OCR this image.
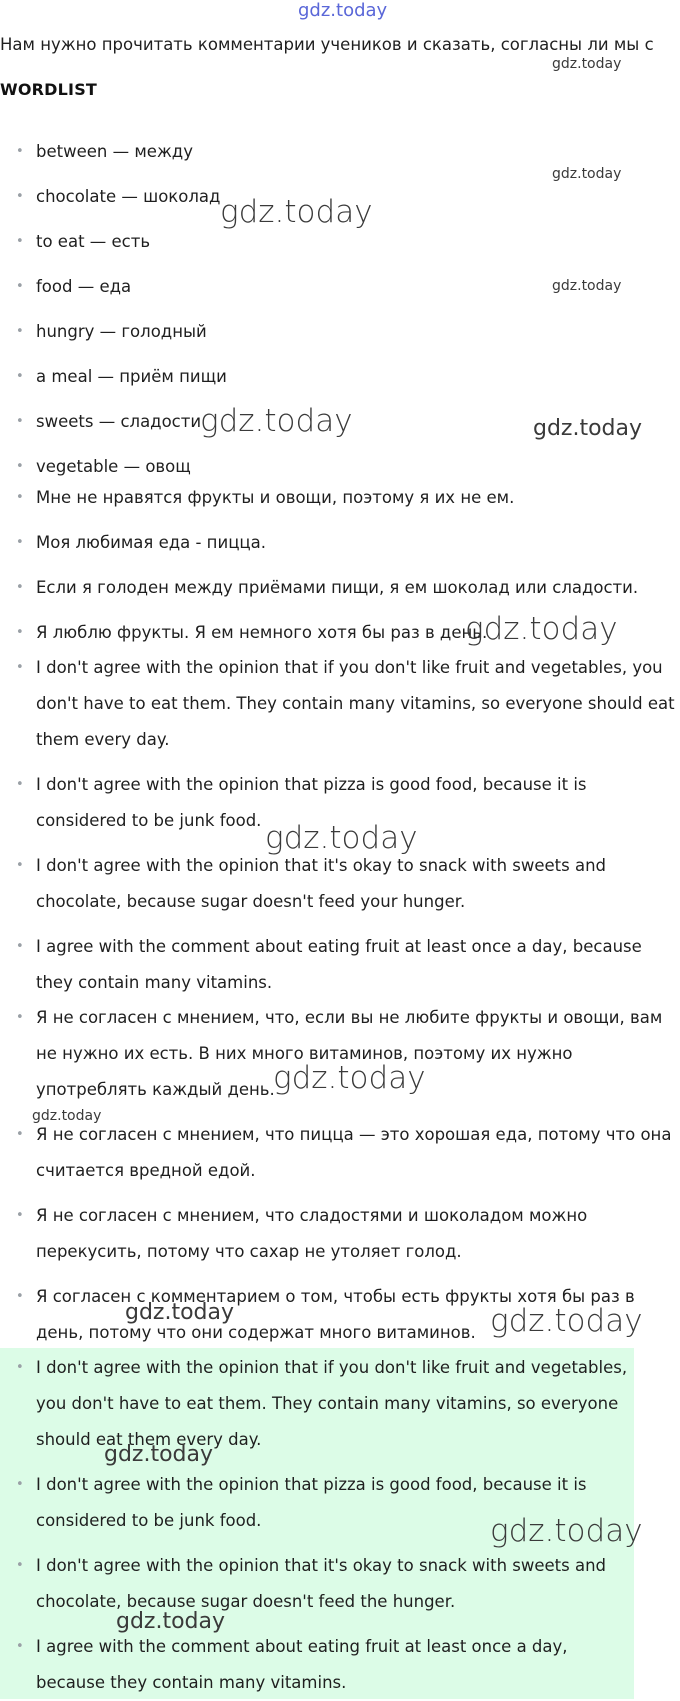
gdz.today
Нам нужно прочитать комментарии учеников и сказать, согласны ли мы с
WORDLIST
• between — между
• chocolate — шоколад
• to eat — есть
• food — еда
• hungry — голодный
• a meal — приём пищи
• sweets — сладости
• vegetable — овощ
• Мне не нравятся фрукты и овощи, поэтому я их не ем.
• Моя любимая еда - пицца.
• Если я голоден между приёмами пищи, я ем шоколад или сладости.
• Я люблю фрукты. Я ем немного хотя бы раз в день.
• I don't agree with the opinion that if you don't like fruit and vegetables, you don't have to eat them. They contain many vitamins, so everyone should eat them every day.
• I don't agree with the opinion that pizza is good food, because it is considered to be junk food.
• I don't agree with the opinion that it's okay to snack with sweets and chocolate, because sugar doesn't feed your hunger.
• I agree with the comment about eating fruit at least once a day, because they contain many vitamins.
• Я не согласен с мнением, что, если вы не любите фрукты и овощи, вам не нужно их есть. В них много витаминов, поэтому их нужно употреблять каждый день.
• Я не согласен с мнением, что пицца — это хорошая еда, потому что она считается вредной едой.
• Я не согласен с мнением, что сладостями и шоколадом можно перекусить, потому что сахар не утоляет голод.
• Я согласен с комментарием о том, чтобы есть фрукты хотя бы раз в день, потому что они содержат много витаминов.
• I don't agree with the opinion that if you don't like fruit and vegetables, you don't have to eat them. They contain many vitamins, so everyone should eat them every day.
• I don't agree with the opinion that pizza is good food, because it is considered to be junk food.
• I don't agree with the opinion that it's okay to snack with sweets and chocolate, because sugar doesn't feed the hunger.
• I agree with the comment about eating fruit at least once a day, because they contain many vitamins.
gdz.today
gdz.today
gdz.today
gdz.today
gdz.today	gdz.today
gdz.today
gdz.today
gdz.today
gdz.today
gdz.today	gdz.today
gdz.today
gdz.today
gdz.today
